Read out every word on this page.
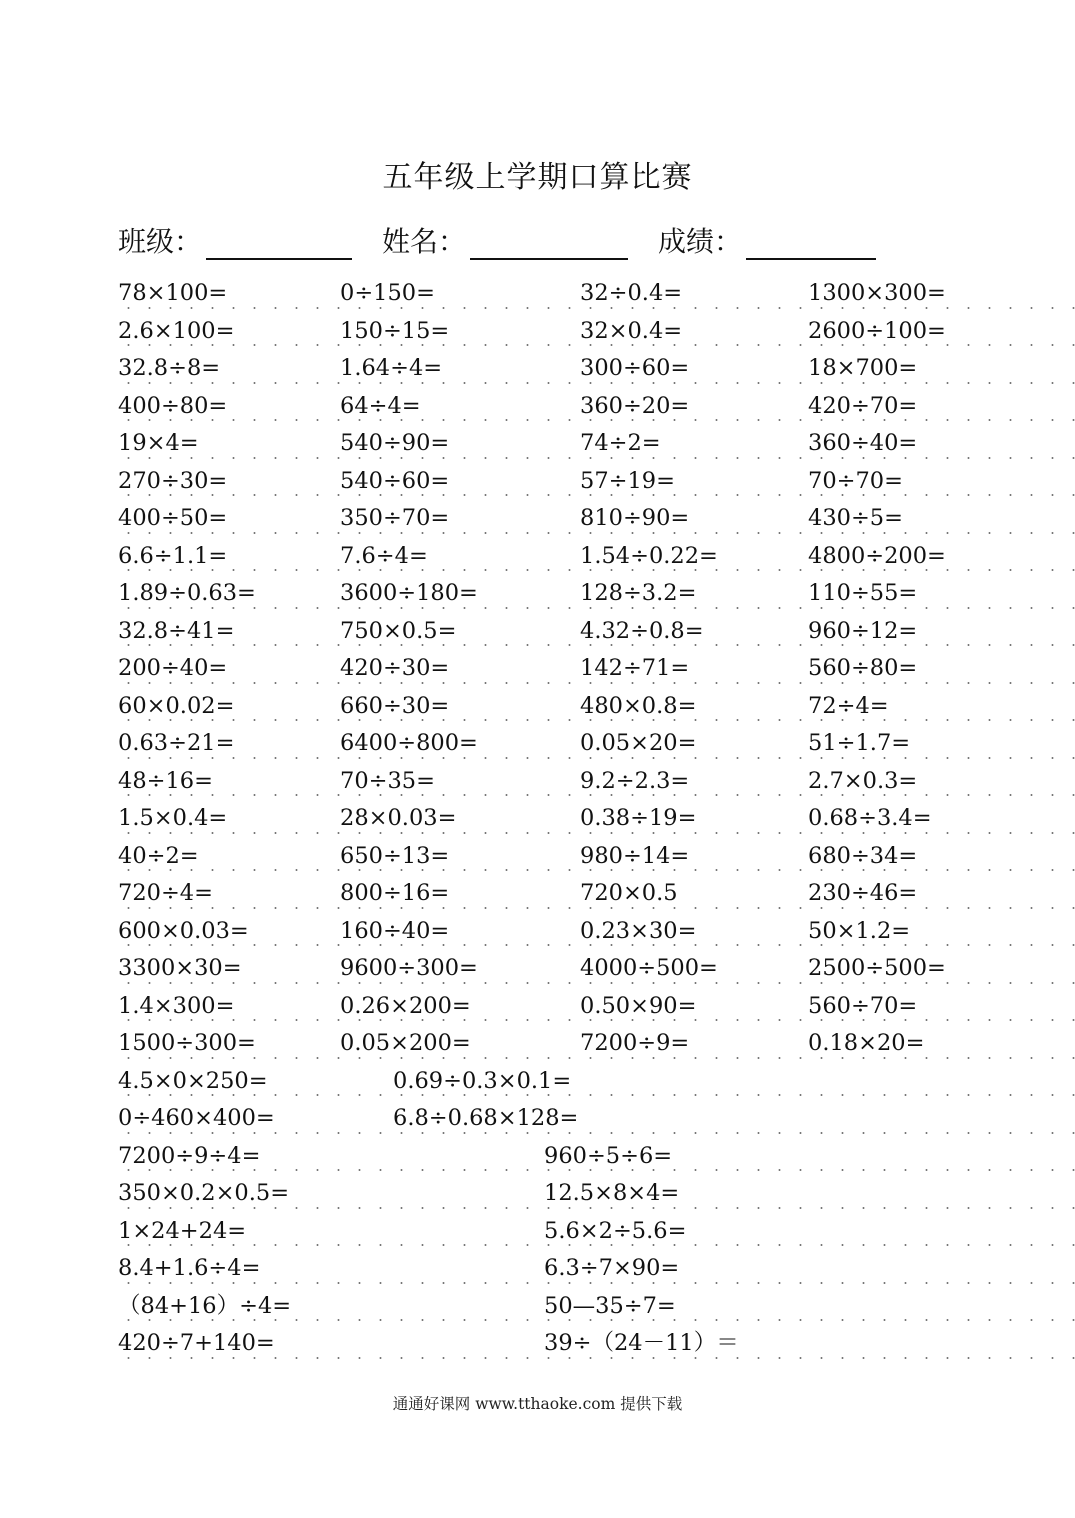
五年级上学期口算比赛
班级：	姓名：	成绩：
78×100=	0÷150=	32÷0.4=	1300×300=
2.6×100=	150÷15=	32×0.4=	2600÷100=
32.8÷8=	1.64÷4=	300÷60=	18×700=
400÷80=	64÷4=	360÷20=	420÷70=
19×4=	540÷90=	74÷2=	360÷40=
270÷30=	540÷60=	57÷19=	70÷70=
400÷50=	350÷70=	810÷90=	430÷5=
6.6÷1.1=	7.6÷4=	1.54÷0.22=	4800÷200=
1.89÷0.63=	3600÷180=	128÷3.2=	110÷55=
32.8÷41=	750×0.5=	4.32÷0.8=	960÷12=
200÷40=	420÷30=	142÷71=	560÷80=
60×0.02=	660÷30=	480×0.8=	72÷4=
0.63÷21=	6400÷800=	0.05×20=	51÷1.7=
48÷16=	70÷35=	9.2÷2.3=	2.7×0.3=
1.5×0.4=	28×0.03=	0.38÷19=	0.68÷3.4=
40÷2=	650÷13=	980÷14=	680÷34=
720÷4=	800÷16=	720×0.5	230÷46=
600×0.03=	160÷40=	0.23×30=	50×1.2=
3300×30=	9600÷300=	4000÷500=	2500÷500=
1.4×300=	0.26×200=	0.50×90=	560÷70=
1500÷300=	0.05×200=	7200÷9=	0.18×20=
4.5×0×250=	0.69÷0.3×0.1=
0÷460×400=	6.8÷0.68×128=
7200÷9÷4=	960÷5÷6=
350×0.2×0.5=	12.5×8×4=
1×24+24=	5.6×2÷5.6=
8.4+1.6÷4=	6.3÷7×90=
（84+16）÷4=	50—35÷7=
420÷7+140=	39÷（24－11）＝
通通好课网 www.tthaoke.com 提供下载
